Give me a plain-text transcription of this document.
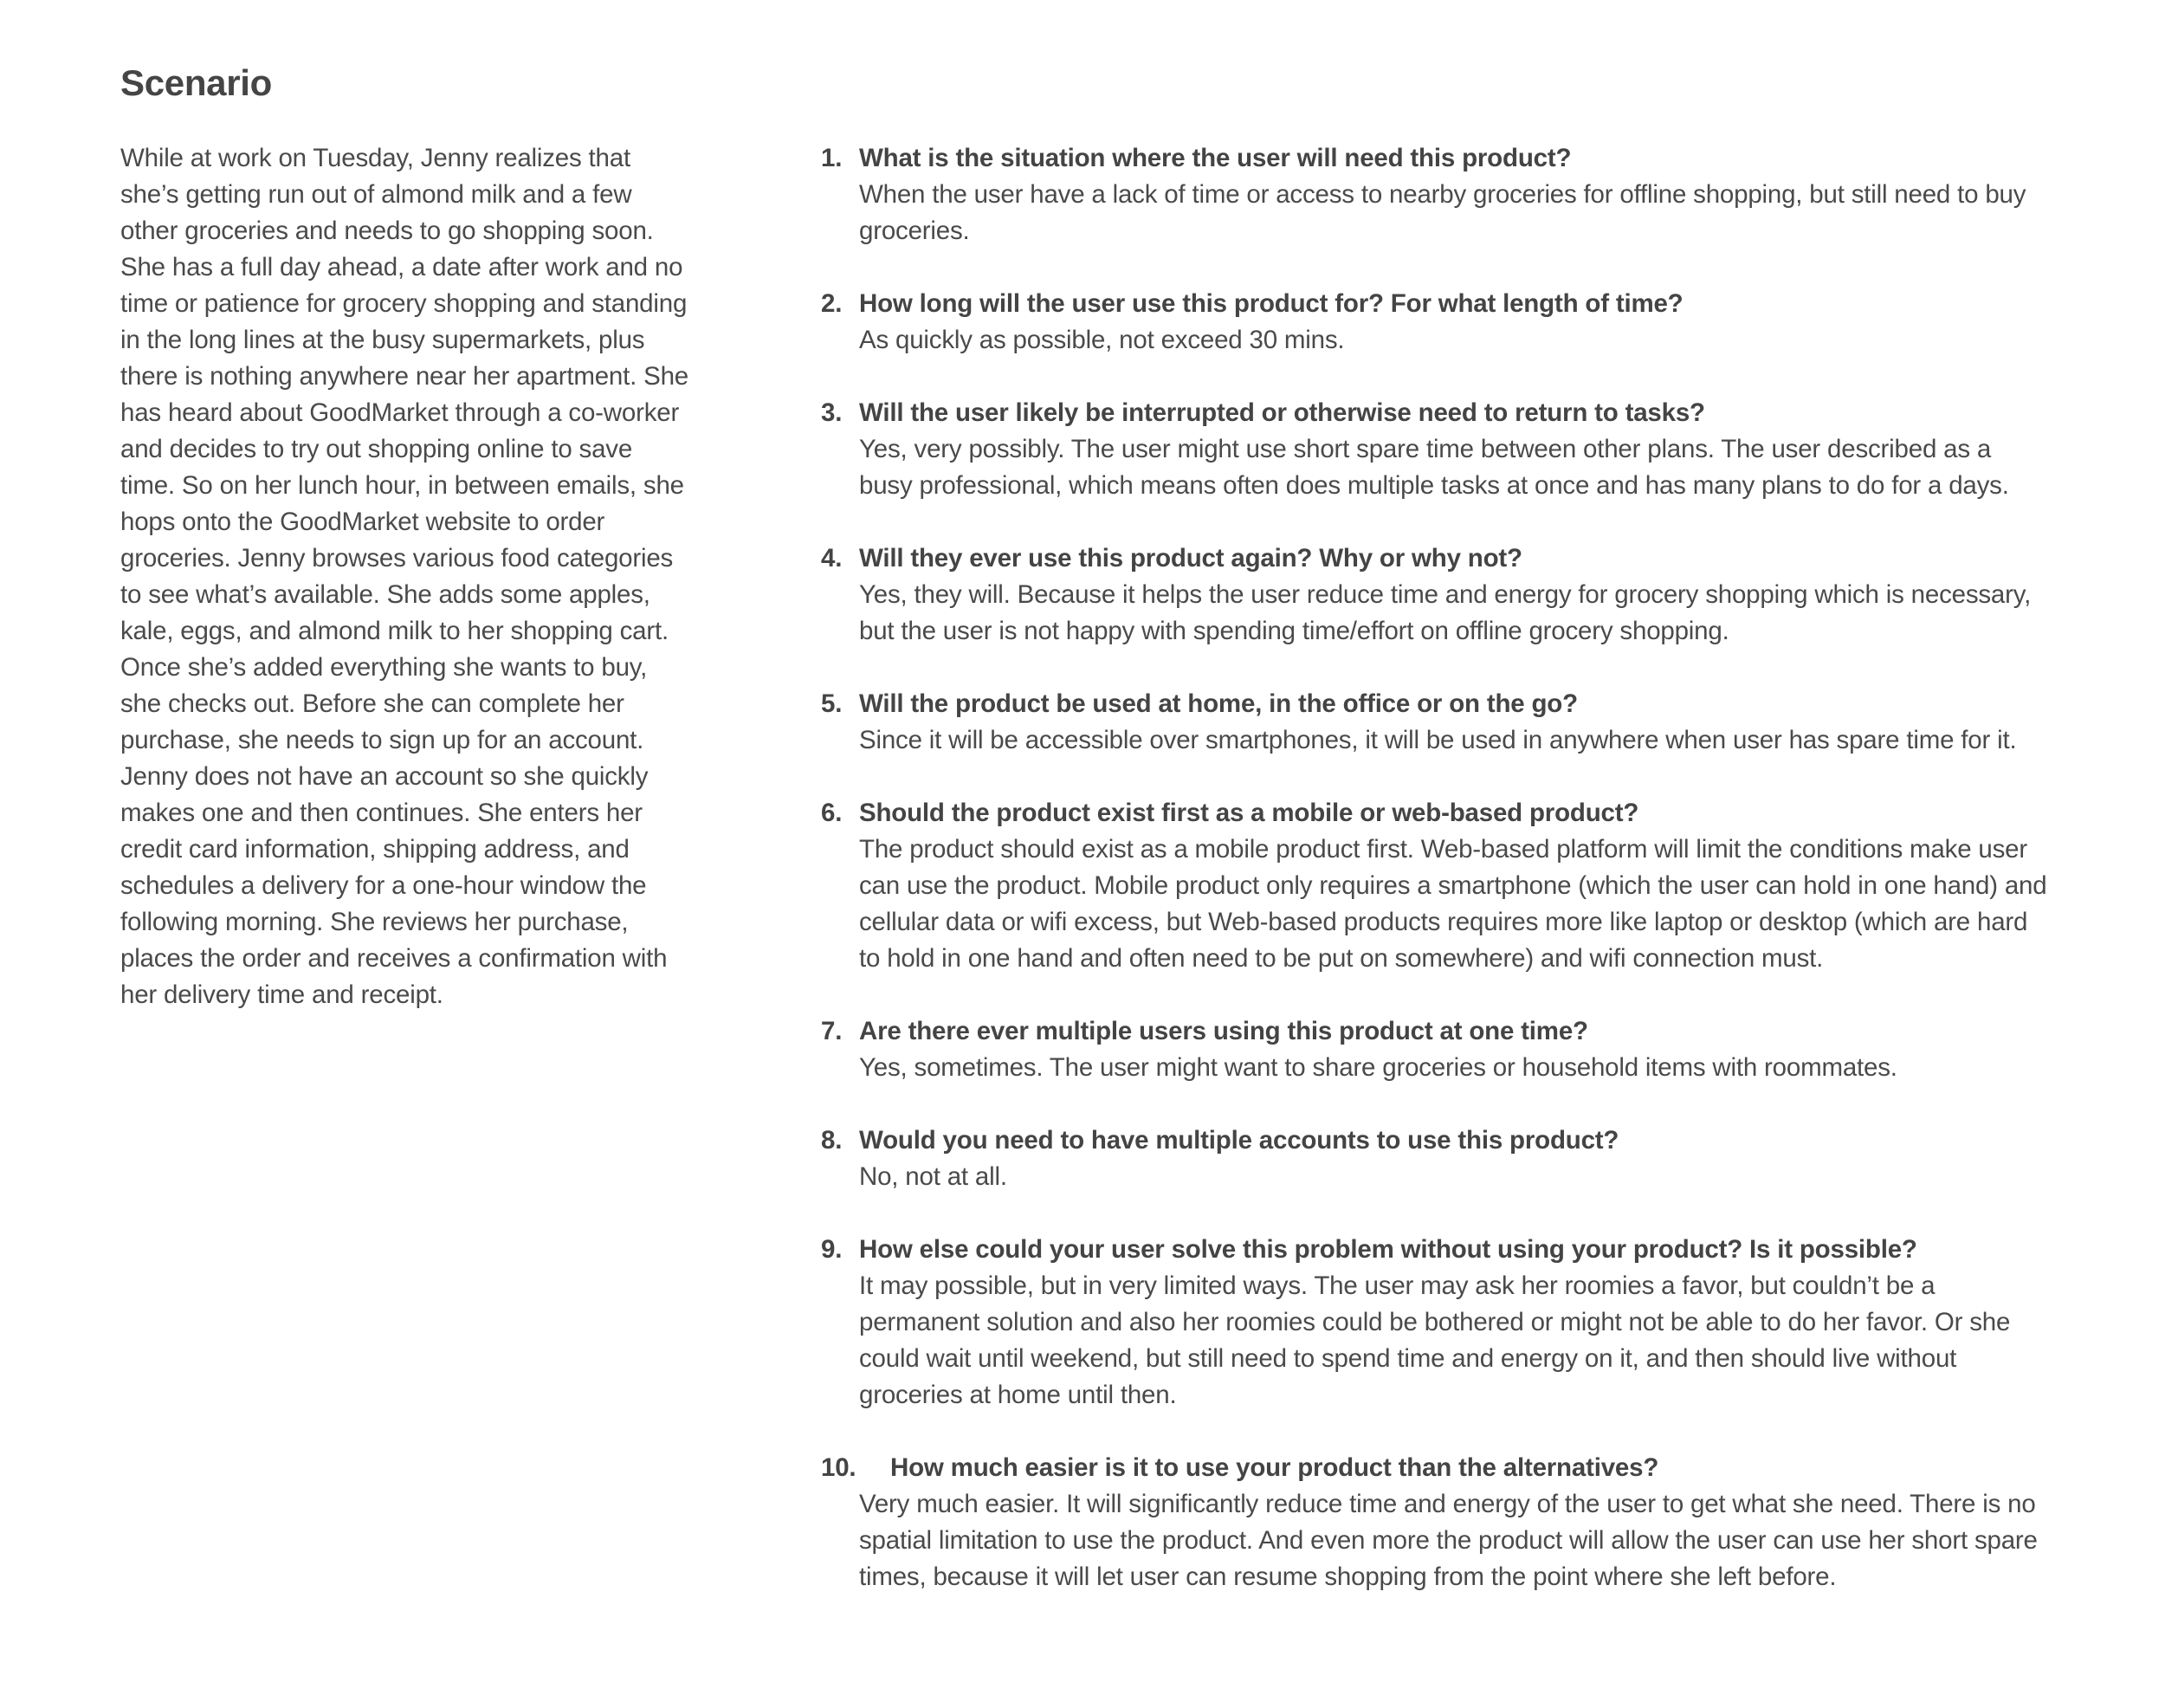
Scenario

While at work on Tuesday, Jenny realizes that she’s getting run out of almond milk and a few other groceries and needs to go shopping soon. She has a full day ahead, a date after work and no time or patience for grocery shopping and standing in the long lines at the busy supermarkets, plus there is nothing anywhere near her apartment. She has heard about GoodMarket through a co-worker and decides to try out shopping online to save time. So on her lunch hour, in between emails, she hops onto the GoodMarket website to order groceries. Jenny browses various food categories to see what’s available. She adds some apples, kale, eggs, and almond milk to her shopping cart. Once she’s added everything she wants to buy, she checks out. Before she can complete her purchase, she needs to sign up for an account. Jenny does not have an account so she quickly makes one and then continues. She enters her credit card information, shipping address, and schedules a delivery for a one-hour window the following morning. She reviews her purchase, places the order and receives a confirmation with her delivery time and receipt.

1. What is the situation where the user will need this product?
When the user have a lack of time or access to nearby groceries for offline shopping, but still need to buy groceries.
2. How long will the user use this product for? For what length of time?
As quickly as possible, not exceed 30 mins.
3. Will the user likely be interrupted or otherwise need to return to tasks?
Yes, very possibly. The user might use short spare time between other plans. The user described as a busy professional, which means often does multiple tasks at once and has many plans to do for a days.
4. Will they ever use this product again? Why or why not?
Yes, they will. Because it helps the user reduce time and energy for grocery shopping which is necessary, but the user is not happy with spending time/effort on offline grocery shopping.
5. Will the product be used at home, in the office or on the go?
Since it will be accessible over smartphones, it will be used in anywhere when user has spare time for it.
6. Should the product exist first as a mobile or web-based product?
The product should exist as a mobile product first. Web-based platform will limit the conditions make user can use the product. Mobile product only requires a smartphone (which the user can hold in one hand) and cellular data or wifi excess, but Web-based products requires more like laptop or desktop (which are hard to hold in one hand and often need to be put on somewhere) and wifi connection must.
7. Are there ever multiple users using this product at one time?
Yes, sometimes. The user might want to share groceries or household items with roommates.
8. Would you need to have multiple accounts to use this product?
No, not at all.
9. How else could your user solve this problem without using your product? Is it possible?
It may possible, but in very limited ways. The user may ask her roomies a favor, but couldn’t be a permanent solution and also her roomies could be bothered or might not be able to do her favor. Or she could wait until weekend, but still need to spend time and energy on it, and then should live without groceries at home until then.
10. How much easier is it to use your product than the alternatives?
Very much easier. It will significantly reduce time and energy of the user to get what she need. There is no spatial limitation to use the product. And even more the product will allow the user can use her short spare times, because it will let user can resume shopping from the point where she left before.
